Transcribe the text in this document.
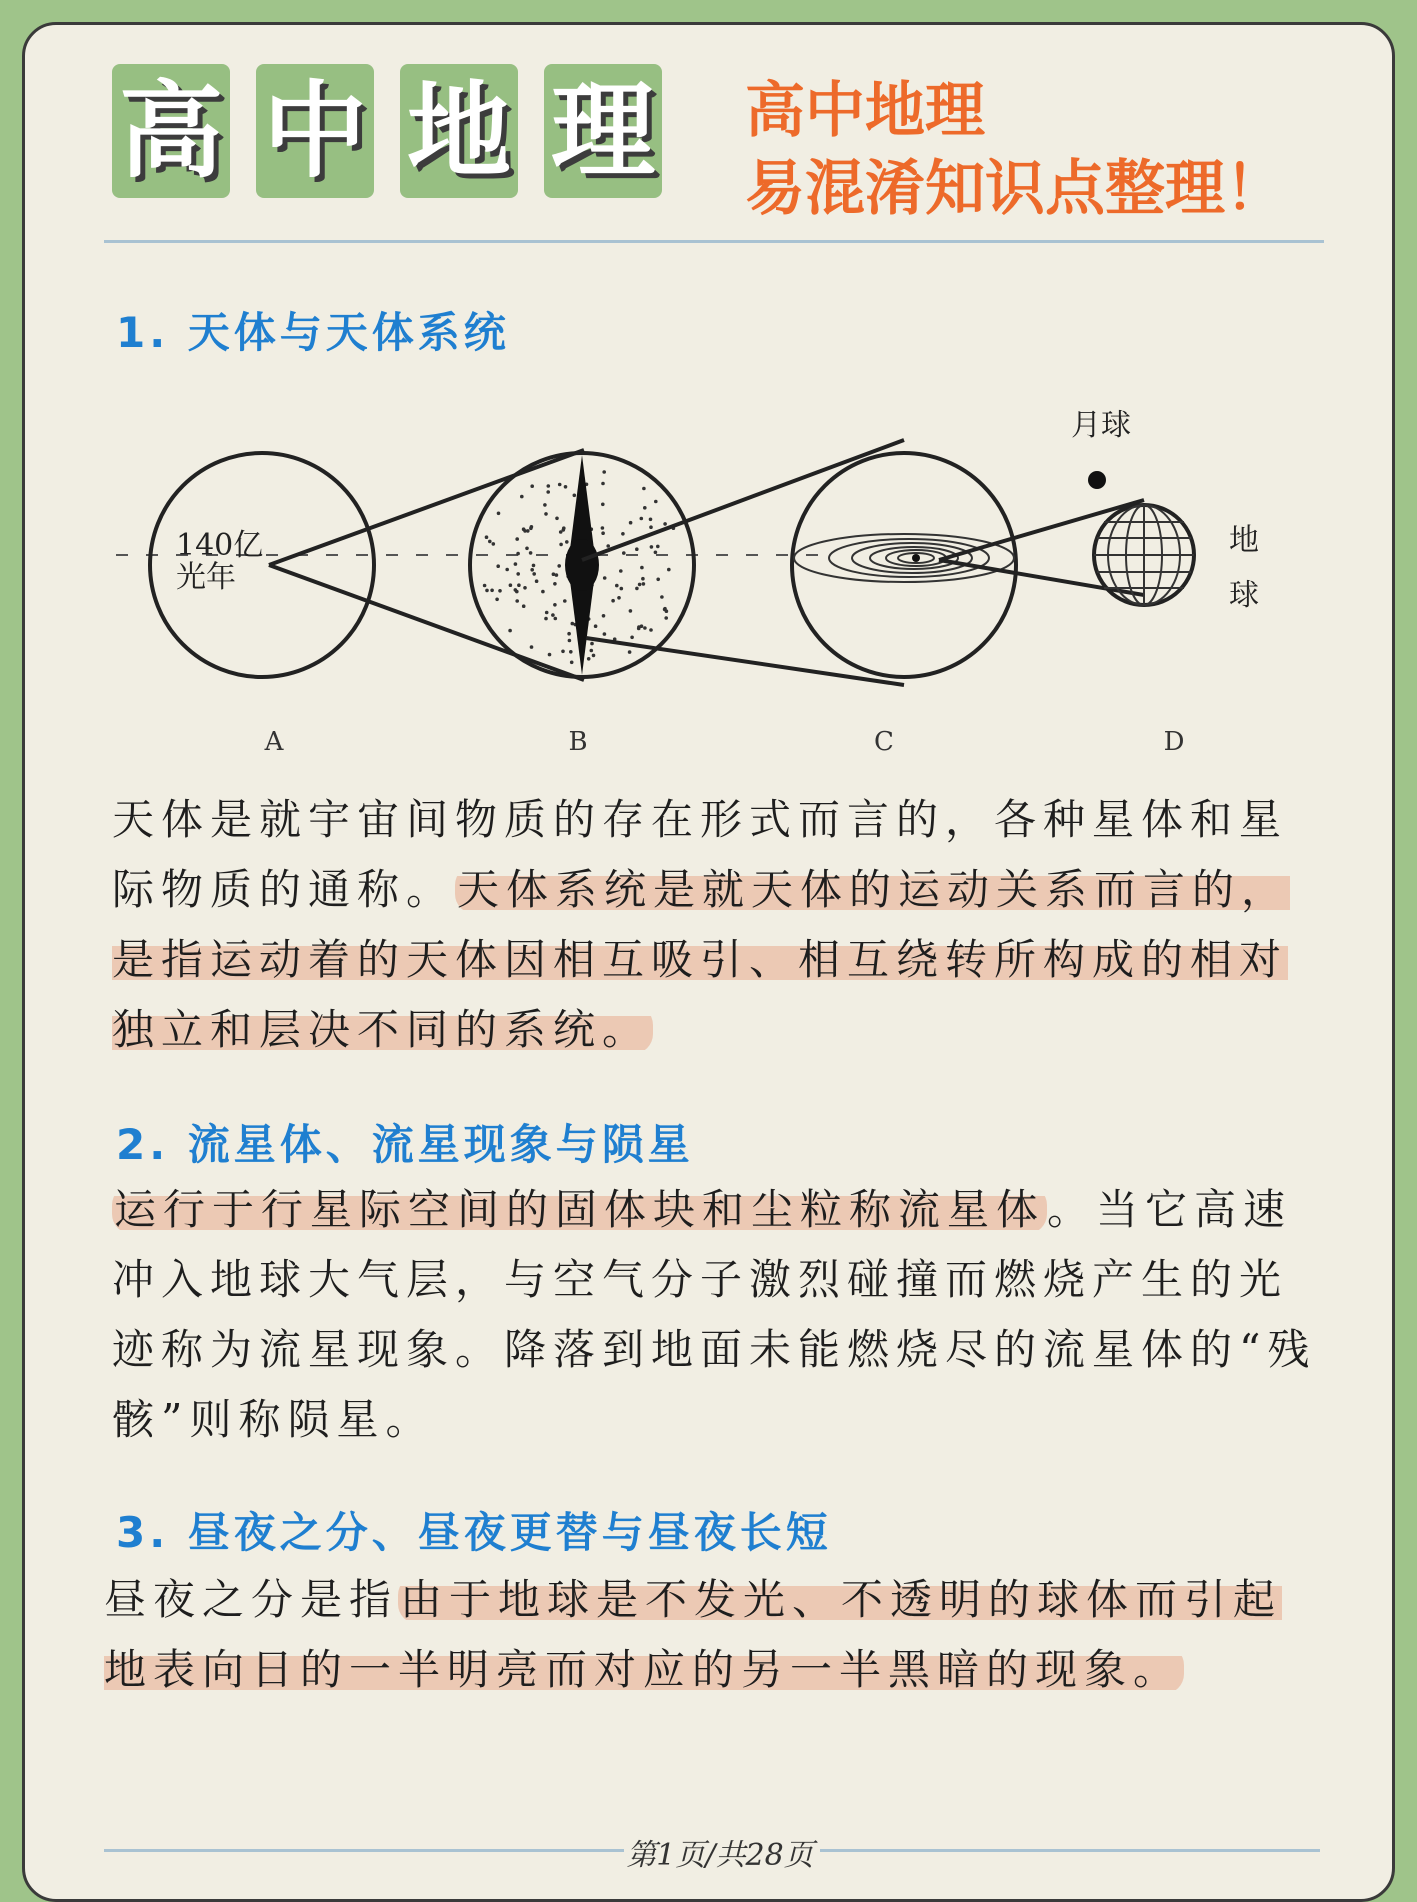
高 中 地 理 高中地理
易混淆知识点整理！
1. 天体与天体系统
140亿
光年
月球
地
球
A	B	C	D
天体是就宇宙间物质的存在形式而言的，各种星体和星际物质的通称。天体系统是就天体的运动关系而言的，是指运动着的天体因相互吸引、相互绕转所构成的相对独立和层决不同的系统。
2. 流星体、流星现象与陨星
运行于行星际空间的固体块和尘粒称流星体。当它高速冲入地球大气层，与空气分子激烈碰撞而燃烧产生的光迹称为流星现象。降落到地面未能燃烧尽的流星体的“残骸”则称陨星。
3. 昼夜之分、昼夜更替与昼夜长短
昼夜之分是指由于地球是不发光、不透明的球体而引起地表向日的一半明亮而对应的另一半黑暗的现象。
第1页/共28页
